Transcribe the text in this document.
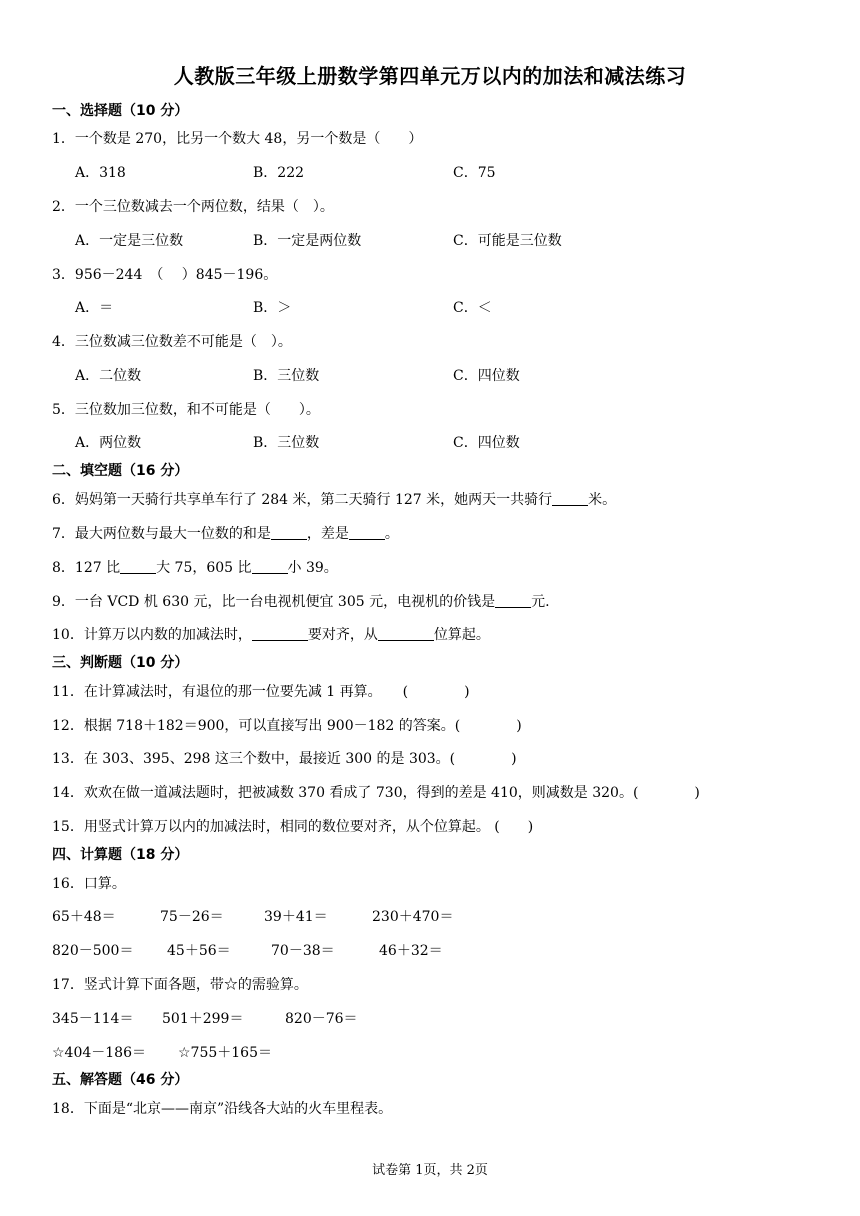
人教版三年级上册数学第四单元万以内的加法和减法练习
一、选择题（10 分）
1．一个数是 270，比另一个数大 48，另一个数是（　　）
A．318	B．222	C．75
2．一个三位数减去一个两位数，结果（　）。
A．一定是三位数	B．一定是两位数	C．可能是三位数
3．956－244　（　 ）845－196。
A．＝	B．＞	C．＜
4．三位数减三位数差不可能是（　）。
A．二位数	B．三位数	C．四位数
5．三位数加三位数，和不可能是（　　）。
A．两位数	B．三位数	C．四位数
二、填空题（16 分）
6．妈妈第一天骑行共享单车行了 284 米，第二天骑行 127 米，她两天一共骑行	米。
7．最大两位数与最大一位数的和是	，差是	。
8．127 比	大 75，605 比	小 39。
9．一台 VCD 机 630 元，比一台电视机便宜 305 元，电视机的价钱是	元.
10．计算万以内数的加减法时，	要对齐，从	位算起。
三、判断题（10 分）
11．在计算减法时，有退位的那一位要先减 1 再算。　　(　　　　)
12．根据 718＋182＝900，可以直接写出 900－182 的答案。(　　　　)
13．在 303、395、298 这三个数中，最接近 300 的是 303。(　　　　)
14．欢欢在做一道减法题时，把被减数 370 看成了 730，得到的差是 410，则减数是 320。(　　　　)
15．用竖式计算万以内的加减法时，相同的数位要对齐，从个位算起。 (　　)
四、计算题（18 分）
16．口算。
65＋48＝	75－26＝	39＋41＝	230＋470＝
820－500＝ 45＋56＝	70－38＝	46＋32＝
17．竖式计算下面各题，带☆的需验算。
345－114＝ 501＋299＝	820－76＝
☆404－186＝ ☆755＋165＝
五、解答题（46 分）
18．下面是“北京——南京”沿线各大站的火车里程表。
试卷第 1页，共 2页
